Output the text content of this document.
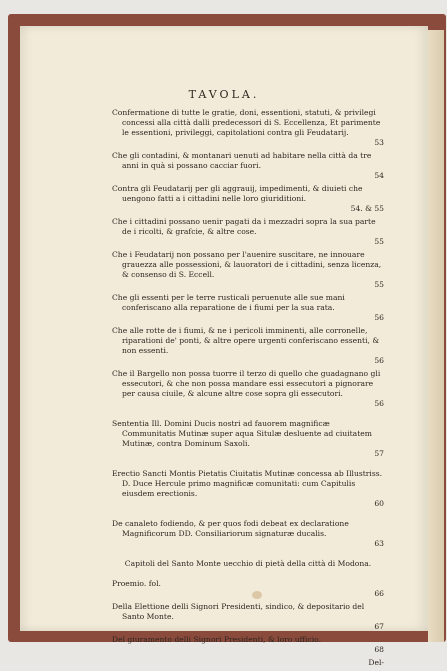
TAVOLA.
Confermatione di tutte le gratie, doni, essentioni, statuti, & privilegi concessi alla città dalli predecessori di S. Eccellenza, Et parimente le essentioni, privileggi, capitolationi contra gli Feudatarij.
53
Che gli contadini, & montanari uenuti ad habitare nella città da tre anni in quà si possano cacciar fuori.
54
Contra gli Feudatarij per gli aggrauij, impedimenti, & diuieti che uengono fatti a i cittadini nelle loro giuriditioni.
54. & 55
Che i cittadini possano uenir pagati da i mezzadri sopra la sua parte de i ricolti, & grafcie, & altre cose.
55
Che i Feudatarij non possano per l'auenire suscitare, ne innouare grauezza alle possessioni, & lauoratori de i cittadini, senza licenza, & consenso di S. Eccell.
55
Che gli essenti per le terre rusticali peruenute alle sue mani conferiscano alla reparatione de i fiumi per la sua rata.
56
Che alle rotte de i fiumi, & ne i pericoli imminenti, alle corronelle, riparationi de' ponti, & altre opere urgenti conferiscano essenti, & non essenti.
56
Che il Bargello non possa tuorre il terzo di quello che guadagnano gli essecutori, & che non possa mandare essi essecutori a pignorare per causa ciuile, & alcune altre cose sopra gli essecutori.
56
Sententia Ill. Domini Ducis nostri ad fauorem magnificæ Communitatis Mutinæ super aqua Situlæ desluente ad ciuitatem Mutinæ, contra Dominum Saxoli.
57
Erectio Sancti Montis Pietatis Ciuitatis Mutinæ concessa ab Illustriss. D. Duce Hercule primo magnificæ comunitati: cum Capitulis eiusdem erectionis.
60
De canaleto fodiendo, & per quos fodi debeat ex declaratione Magnificorum DD. Consiliariorum signaturæ ducalis.
63
Capitoli del Santo Monte uecchio di pietà della città di Modona.
Proemio. fol.
66
Della Elettione delli Signori Presidenti, sindico, & depositario del Santo Monte.
67
Del giuramento delli Signori Presidenti, & loro ufficio.
68
Del-
